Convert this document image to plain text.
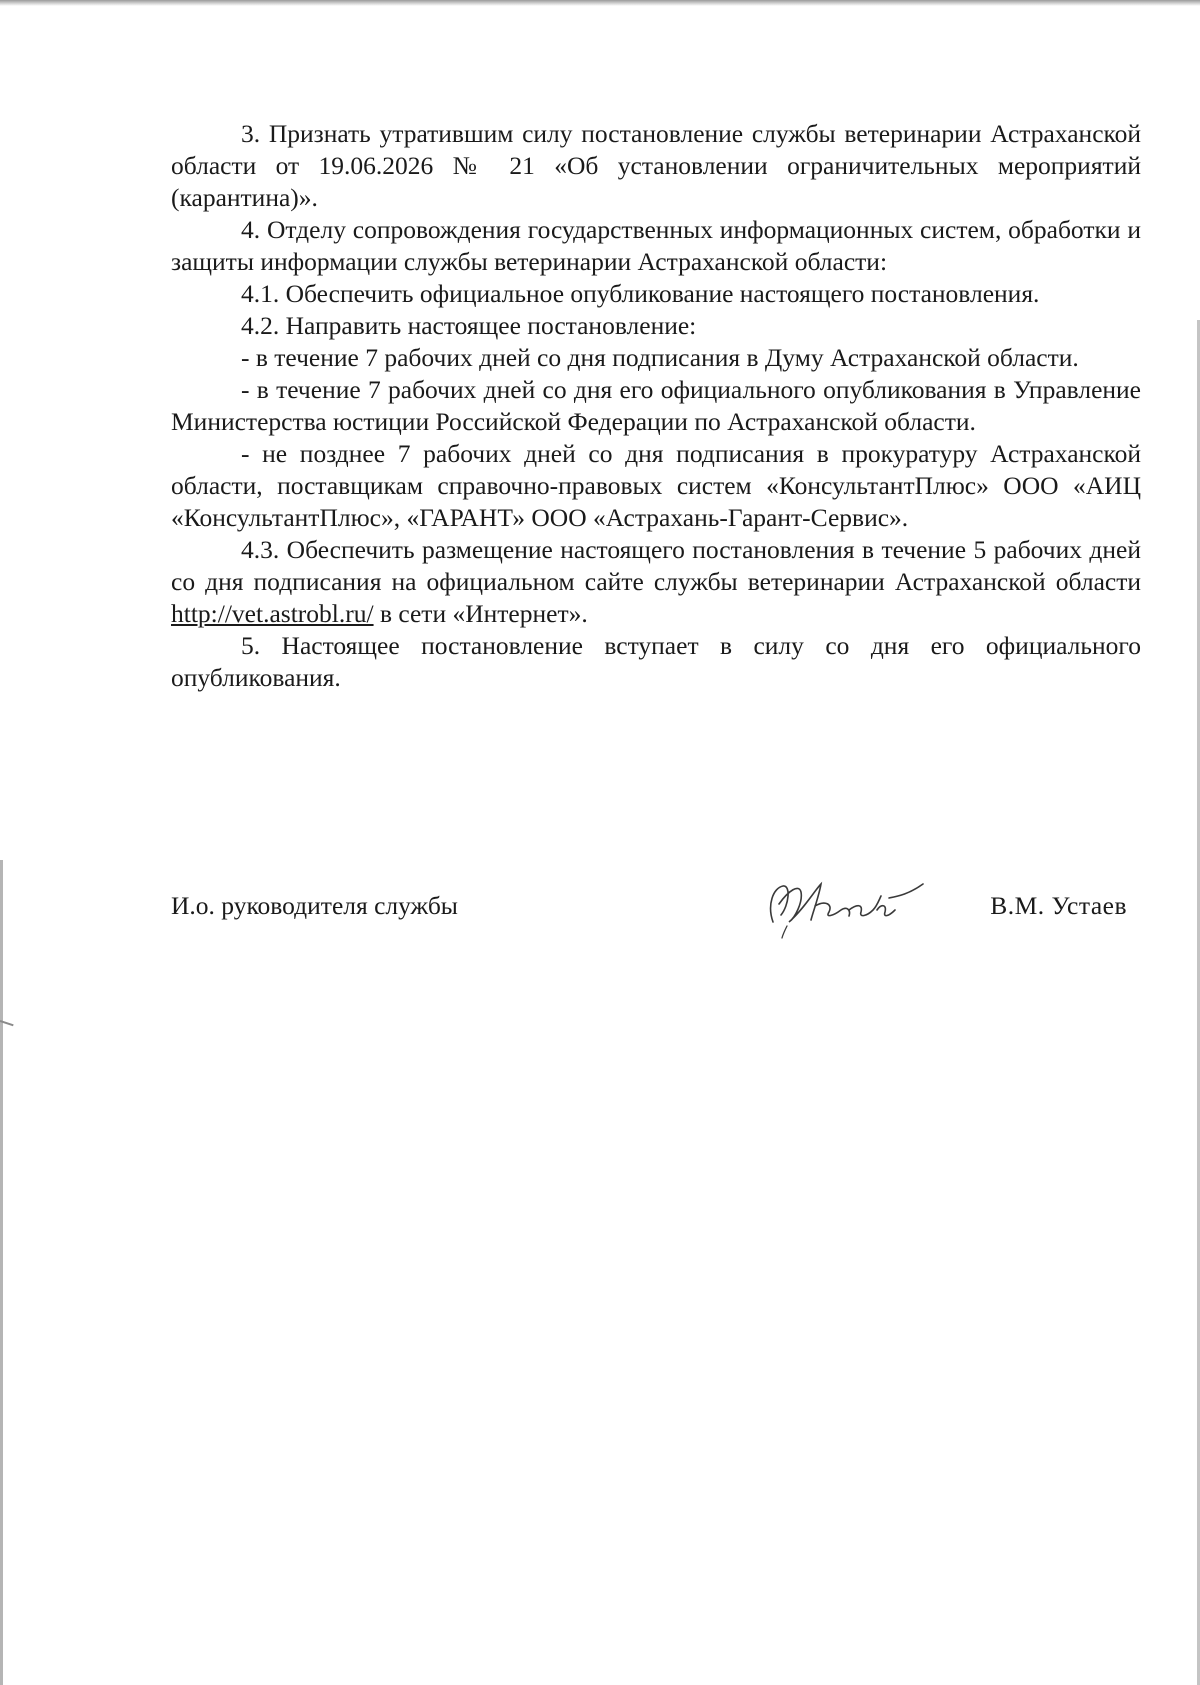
3. Признать утратившим силу постановление службы ветеринарии Астраханской области от 19.06.2026 № 21 «Об установлении ограничительных мероприятий (карантина)».

4. Отделу сопровождения государственных информационных систем, обработки и защиты информации службы ветеринарии Астраханской области:

4.1. Обеспечить официальное опубликование настоящего постановления.

4.2. Направить настоящее постановление:

- в течение 7 рабочих дней со дня подписания в Думу Астраханской области.

- в течение 7 рабочих дней со дня его официального опубликования в Управление Министерства юстиции Российской Федерации по Астраханской области.

- не позднее 7 рабочих дней со дня подписания в прокуратуру Астраханской области, поставщикам справочно-правовых систем «КонсультантПлюс» ООО «АИЦ «КонсультантПлюс», «ГАРАНТ» ООО «Астрахань-Гарант-Сервис».

4.3. Обеспечить размещение настоящего постановления в течение 5 рабочих дней со дня подписания на официальном сайте службы ветеринарии Астраханской области http://vet.astrobl.ru/ в сети «Интернет».

5. Настоящее постановление вступает в силу со дня его официального опубликования.

И.о. руководителя службы	В.М. Устаев
